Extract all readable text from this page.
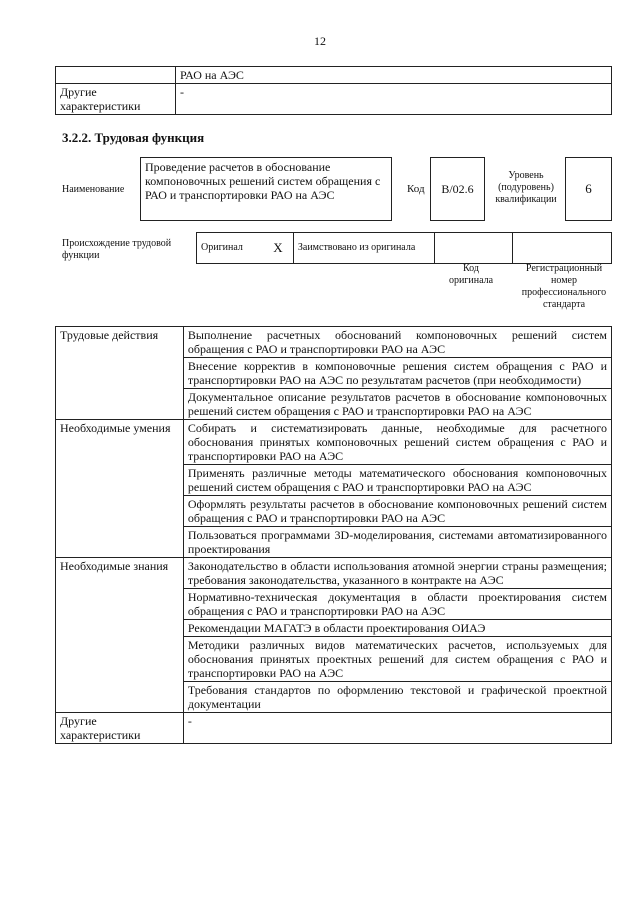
12
	РАО на АЭС
Другие характеристики	-
3.2.2. Трудовая функция
Наименование
Проведение расчетов в обоснование компоновочных решений систем обращения с РАО и транспортировки РАО на АЭС	Код В/02.6
Уровень (подуровень) квалификации
6
Происхождение трудовой функции
Оригинал	Х	Заимствовано из оригинала		
Код оригинала
Регистрационный номер профессионального стандарта
Трудовые действия	Выполнение расчетных обоснований компоновочных решений систем обращения с РАО и транспортировки РАО на АЭС
	Внесение корректив в компоновочные решения систем обращения с РАО и транспортировки РАО на АЭС по результатам расчетов (при необходимости)
	Документальное описание результатов расчетов в обоснование компоновочных решений систем обращения с РАО и транспортировки РАО на АЭС
Необходимые умения	Собирать и систематизировать данные, необходимые для расчетного обоснования принятых компоновочных решений систем обращения с РАО и транспортировки РАО на АЭС
	Применять различные методы математического обоснования компоновочных решений систем обращения с РАО и транспортировки РАО на АЭС
	Оформлять результаты расчетов в обоснование компоновочных решений систем обращения с РАО и транспортировки РАО на АЭС
	Пользоваться программами 3D-моделирования, системами автоматизированного проектирования
Необходимые знания	Законодательство в области использования атомной энергии страны размещения; требования законодательства, указанного в контракте на АЭС
	Нормативно-техническая документация в области проектирования систем обращения с РАО и транспортировки РАО на АЭС
	Рекомендации МАГАТЭ в области проектирования ОИАЭ
	Методики различных видов математических расчетов, используемых для обоснования принятых проектных решений для систем обращения с РАО и транспортировки РАО на АЭС
	Требования стандартов по оформлению текстовой и графической проектной документации
Другие характеристики	-
